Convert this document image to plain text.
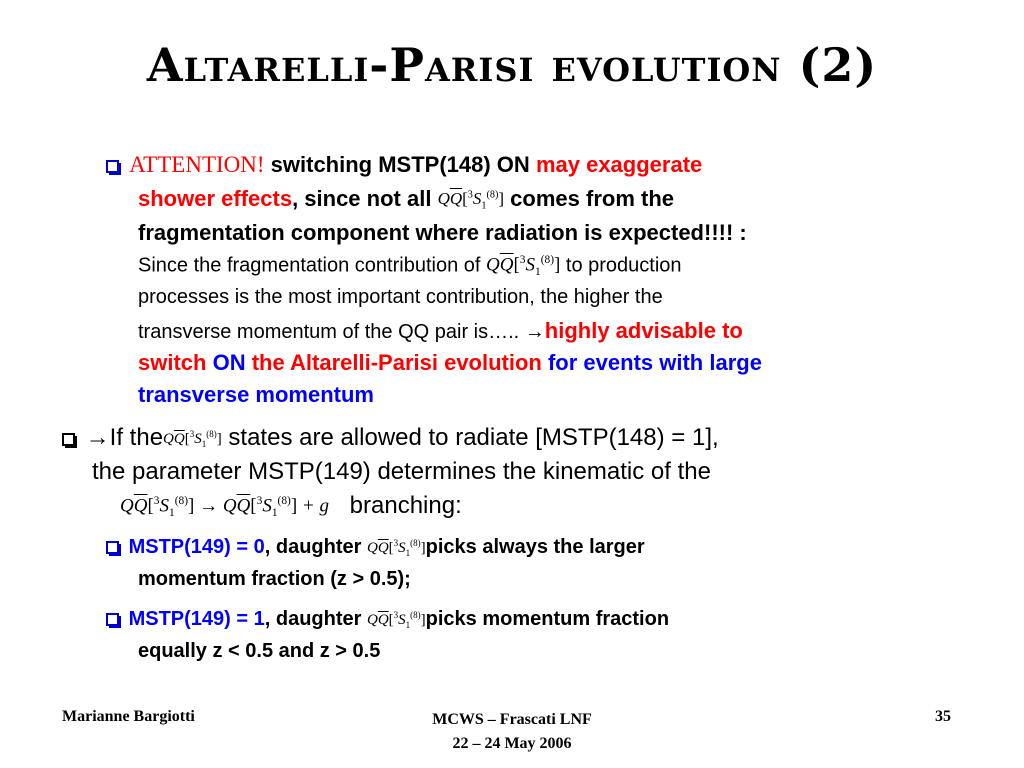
Altarelli-Parisi evolution (2)
ATTENTION! switching MSTP(148) ON may exaggerate
shower effects, since not all $Q\overline{Q}[^3S_1^{(8)}]$ comes from the
fragmentation component where radiation is expected!!!! :
Since the fragmentation contribution of $Q\overline{Q}[^3S_1^{(8)}]$ to production
processes is the most important contribution, the higher the
transverse momentum of the QQ pair is….. →highly advisable to
switch ON the Altarelli-Parisi evolution for events with large
transverse momentum
→If $theQ\overline{Q}[^3S_1^{(8)}]$ states are allowed to radiate [MSTP(148) = 1],
the parameter MSTP(149) determines the kinematic of the
$Q\overline{Q}[^3S_1^{(8)}] \to Q\overline{Q}[^3S_1^{(8)}] + g$ branching:
MSTP(149) = 0, daughter $Q\overline{Q}[^3S_1^{(8)}]picks$ always the larger
momentum fraction (z > 0.5);
MSTP(149) = 1, daughter $Q\overline{Q}[^3S_1^{(8)}]picks$ momentum fraction
equally z < 0.5 and z > 0.5
Marianne Bargiotti	MCWS – Frascati LNF
22 – 24 May 2006
35
